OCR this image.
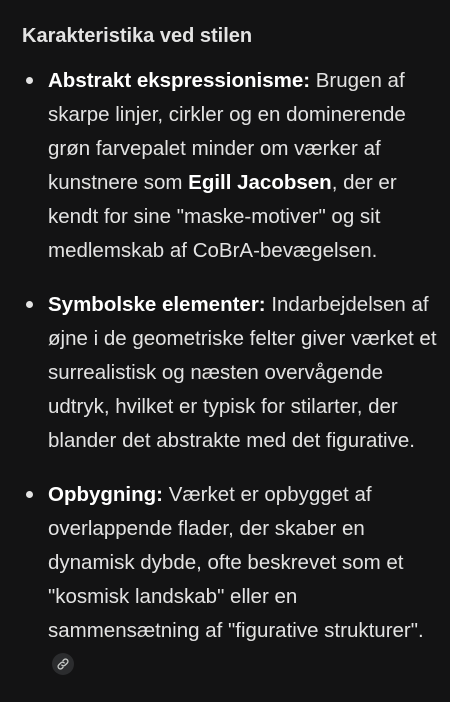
Karakteristika ved stilen
Abstrakt ekspressionisme: Brugen af skarpe linjer, cirkler og en dominerende grøn farvepalet minder om værker af kunstnere som Egill Jacobsen, der er kendt for sine "maske-motiver" og sit medlemskab af CoBrA-bevægelsen.
Symbolske elementer: Indarbejdelsen af øjne i de geometriske felter giver værket et surrealistisk og næsten overvågende udtryk, hvilket er typisk for stilarter, der blander det abstrakte med det figurative.
Opbygning: Værket er opbygget af overlappende flader, der skaber en dynamisk dybde, ofte beskrevet som et "kosmisk landskab" eller en sammensætning af "figurative strukturer".
